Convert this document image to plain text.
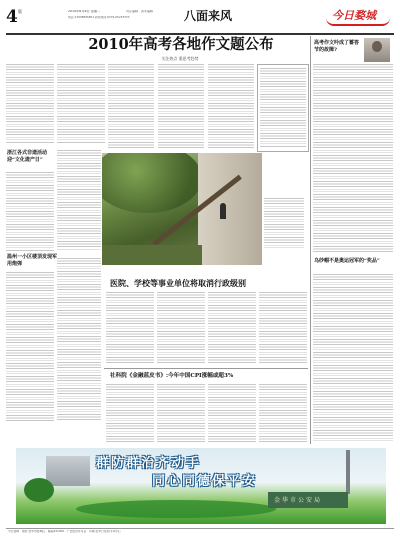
4 版	2010年6月8日 星期二	责任编辑 · 美术编辑
电话:13938895851 新闻热线:0379-65233333	八面来风	今日婺城
2010年高考各地作文题公布
关注热点 重思考趋势
浙江各式非遗活动迎“文化遗产日”
温州一小区楼顶发现军用炮弹
医院、学校等事业单位将取消行政级别
社科院《金融蓝皮书》:今年中国CPI涨幅或超3%
高考作文吟成了蓄答节的故障?
乌纱帽不是奥运冠军的“奖品”
群防群治齐动手
同心同德保平安
金华市公安局
今日婺城 · 地址:金华市婺城区 · 邮编321000 · 广告经营许可证 · 印刷:金华日报社印务中心
